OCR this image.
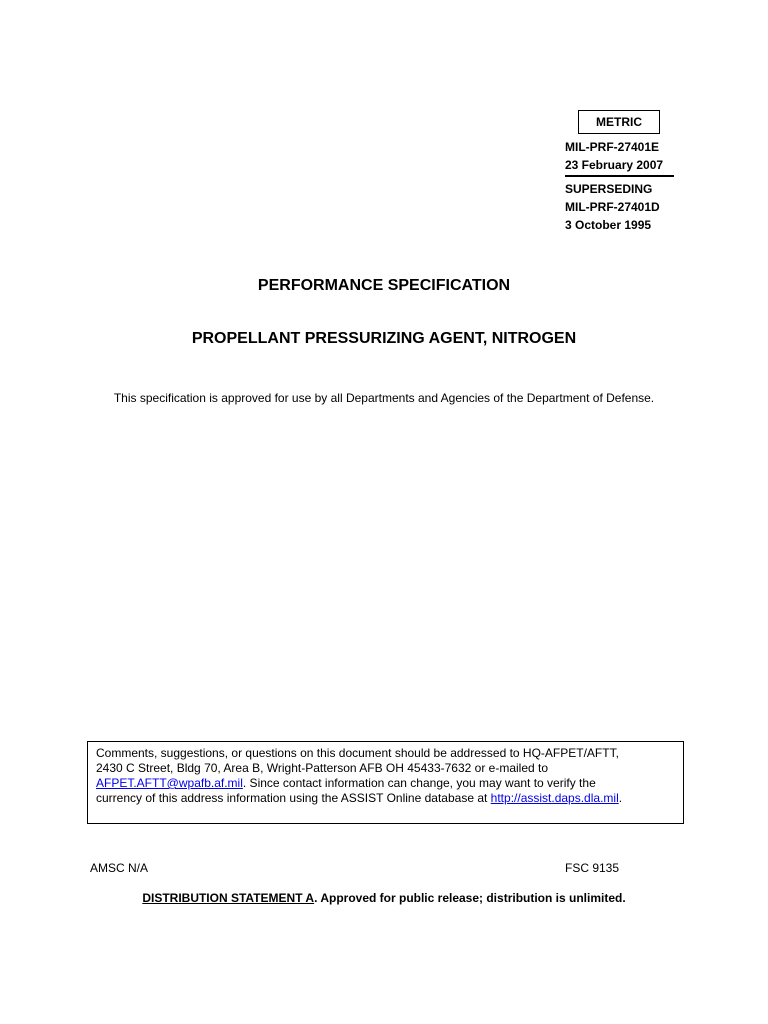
METRIC
MIL-PRF-27401E
23 February 2007
SUPERSEDING
MIL-PRF-27401D
3 October 1995
PERFORMANCE SPECIFICATION
PROPELLANT PRESSURIZING AGENT, NITROGEN
This specification is approved for use by all Departments and Agencies of the Department of Defense.
Comments, suggestions, or questions on this document should be addressed to HQ-AFPET/AFTT,
2430 C Street, Bldg 70, Area B, Wright-Patterson AFB OH 45433-7632 or e-mailed to
AFPET.AFTT@wpafb.af.mil. Since contact information can change, you may want to verify the
currency of this address information using the ASSIST Online database at http://assist.daps.dla.mil.
AMSC N/A	FSC 9135
DISTRIBUTION STATEMENT A. Approved for public release; distribution is unlimited.
